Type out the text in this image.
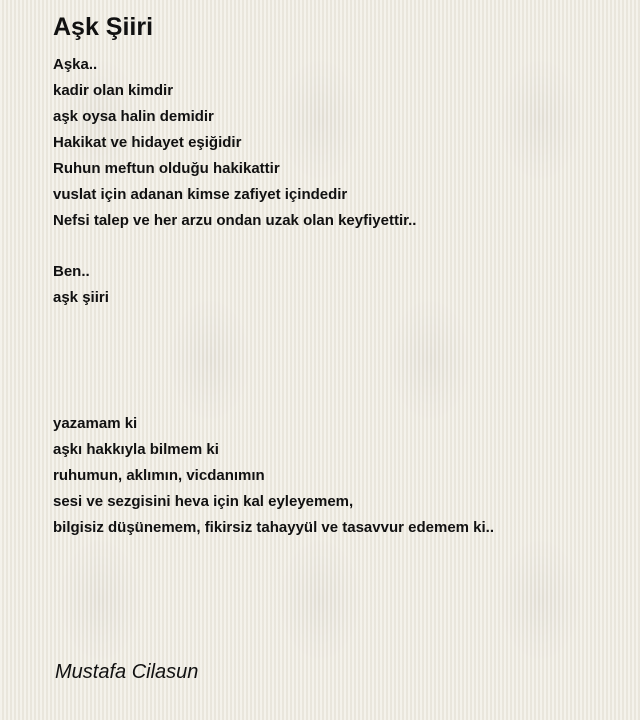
Aşk Şiiri
Aşka..
kadir olan kimdir
aşk oysa halin demidir
Hakikat ve hidayet eşiğidir
Ruhun meftun olduğu hakikattir
vuslat için adanan kimse zafiyet içindedir
Nefsi talep ve her arzu ondan uzak olan keyfiyettir..
Ben..
aşk şiiri
yazamam ki
aşkı hakkıyla bilmem ki
ruhumun, aklımın, vicdanımın
sesi ve sezgisini heva için kal eyleyemem,
bilgisiz düşünemem, fikirsiz tahayyül ve tasavvur edemem ki..

Mustafa Cilasun
